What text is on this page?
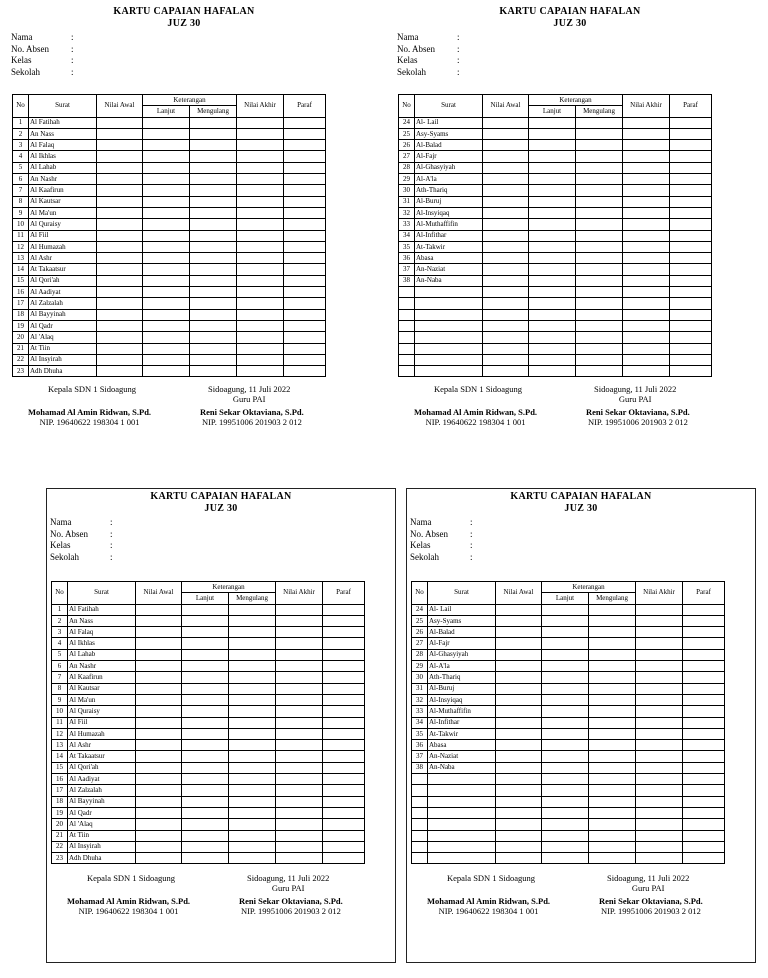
KARTU CAPAIAN HAFALAN
JUZ 30
Nama	:
No. Absen	:
Kelas	:
Sekolah	:
No	Surat	Nilai Awal	Keterangan		Nilai Akhir	Paraf
			Lanjut	Mengulang		
1	Al Fatihah					
2	An Nass					
3	Al Falaq					
4	Al Ikhlas					
5	Al Lahab					
6	An Nashr					
7	Al Kaafirun					
8	Al Kautsar					
9	Al Ma'un					
10	Al Quraisy					
11	Al Fiil					
12	Al Humazah					
13	Al Ashr					
14	At Takaatsur					
15	Al Qori'ah					
16	Al Aadiyat					
17	Al Zalzalah					
18	Al Bayyinah					
19	Al Qadr					
20	Al 'Alaq					
21	At Tiin					
22	Al Insyirah					
23	Adh Dhuha					
Kepala SDN 1 Sidoagung	Sidoagung, 11 Juli 2022
Guru PAI
Mohamad Al Amin Ridwan, S.Pd.
NIP. 19640622 198304 1 001
Reni Sekar Oktaviana, S.Pd.
NIP. 19951006 201903 2 012
KARTU CAPAIAN HAFALAN
JUZ 30
Nama	:
No. Absen	:
Kelas	:
Sekolah	:
No	Surat	Nilai Awal	Keterangan		Nilai Akhir	Paraf
			Lanjut	Mengulang		
24	Al- Lail					
25	Asy-Syams					
26	Al-Balad					
27	Al-Fajr					
28	Al-Ghasyiyah					
29	Al-A'la					
30	Ath-Thariq					
31	Al-Buruj					
32	Al-Insyiqaq					
33	Al-Muthaffifin					
34	Al-Infithar					
35	At-Takwir					
36	Abasa					
37	An-Naziat					
38	An-Naba					

Kepala SDN 1 Sidoagung	Sidoagung, 11 Juli 2022
Guru PAI
Mohamad Al Amin Ridwan, S.Pd.
NIP. 19640622 198304 1 001
Reni Sekar Oktaviana, S.Pd.
NIP. 19951006 201903 2 012
KARTU CAPAIAN HAFALAN
JUZ 30
Nama	:
No. Absen	:
Kelas	:
Sekolah	:
No	Surat	Nilai Awal	Keterangan		Nilai Akhir	Paraf
			Lanjut	Mengulang		
1	Al Fatihah					
2	An Nass					
3	Al Falaq					
4	Al Ikhlas					
5	Al Lahab					
6	An Nashr					
7	Al Kaafirun					
8	Al Kautsar					
9	Al Ma'un					
10	Al Quraisy					
11	Al Fiil					
12	Al Humazah					
13	Al Ashr					
14	At Takaatsur					
15	Al Qori'ah					
16	Al Aadiyat					
17	Al Zalzalah					
18	Al Bayyinah					
19	Al Qadr					
20	Al 'Alaq					
21	At Tiin					
22	Al Insyirah					
23	Adh Dhuha					
Kepala SDN 1 Sidoagung	Sidoagung, 11 Juli 2022
Guru PAI
Mohamad Al Amin Ridwan, S.Pd.
NIP. 19640622 198304 1 001
Reni Sekar Oktaviana, S.Pd.
NIP. 19951006 201903 2 012
KARTU CAPAIAN HAFALAN
JUZ 30
Nama	:
No. Absen	:
Kelas	:
Sekolah	:
No	Surat	Nilai Awal	Keterangan		Nilai Akhir	Paraf
			Lanjut	Mengulang		
24	Al- Lail					
25	Asy-Syams					
26	Al-Balad					
27	Al-Fajr					
28	Al-Ghasyiyah					
29	Al-A'la					
30	Ath-Thariq					
31	Al-Buruj					
32	Al-Insyiqaq					
33	Al-Muthaffifin					
34	Al-Infithar					
35	At-Takwir					
36	Abasa					
37	An-Naziat					
38	An-Naba					

Kepala SDN 1 Sidoagung	Sidoagung, 11 Juli 2022
Guru PAI
Mohamad Al Amin Ridwan, S.Pd.
NIP. 19640622 198304 1 001
Reni Sekar Oktaviana, S.Pd.
NIP. 19951006 201903 2 012
